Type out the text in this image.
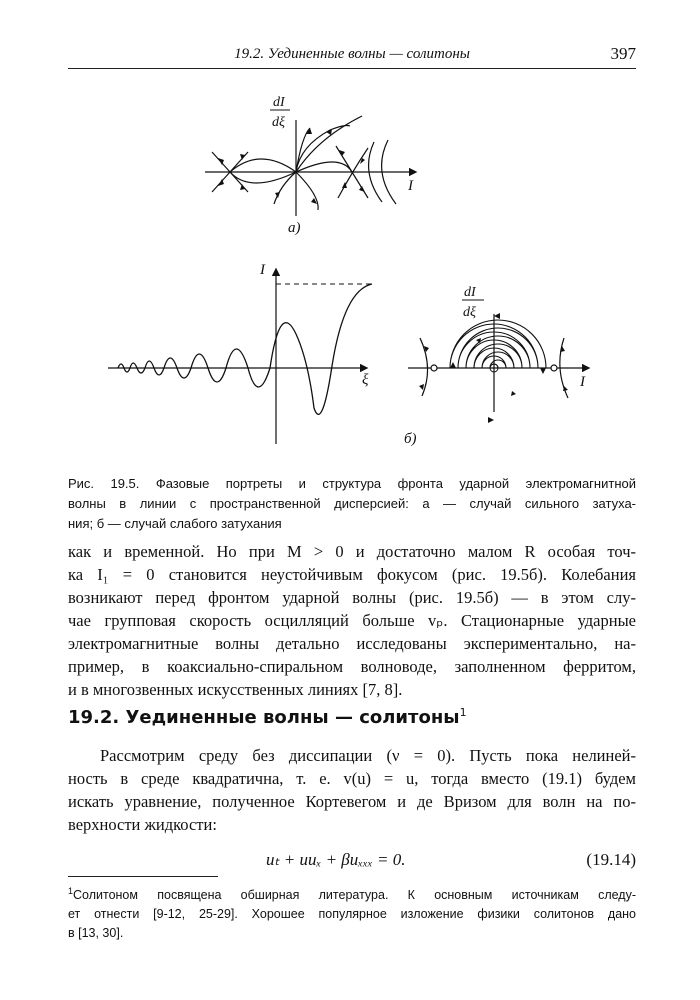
19.2. Уединенные волны — солитоны	397
dI
dξ
I
а)
I
ξ
dI
dξ
I
б)
Рис. 19.5. Фазовые портреты и структура фронта ударной электромагнитной
волны в линии с пространственной дисперсией: а — случай сильного затуха-
ния; б — случай слабого затухания
как и временной. Но при M > 0 и достаточно малом R особая точ-
ка I₁ = 0 становится неустойчивым фокусом (рис. 19.5б). Колебания
возникают перед фронтом ударной волны (рис. 19.5б) — в этом слу-
чае групповая скорость осцилляций больше vₚ. Стационарные ударные
электромагнитные волны детально исследованы экспериментально, на-
пример, в коаксиально-спиральном волноводе, заполненном ферритом,
и в многозвенных искусственных линиях [7, 8].
19.2. Уединенные волны — солитоны$^1$
Рассмотрим среду без диссипации (ν = 0). Пусть пока нелиней-
ность в среде квадратична, т. е. v(u) = u, тогда вместо (19.1) будем
искать уравнение, полученное Кортевегом и де Вризом для волн на по-
верхности жидкости:
uₜ + uuₓ + βuₓₓₓ = 0.	(19.14)
$^1$Солитоном посвящена обширная литература. К основным источникам следу-
ет отнести [9-12, 25-29]. Хорошее популярное изложение физики солитонов дано
в [13, 30].
